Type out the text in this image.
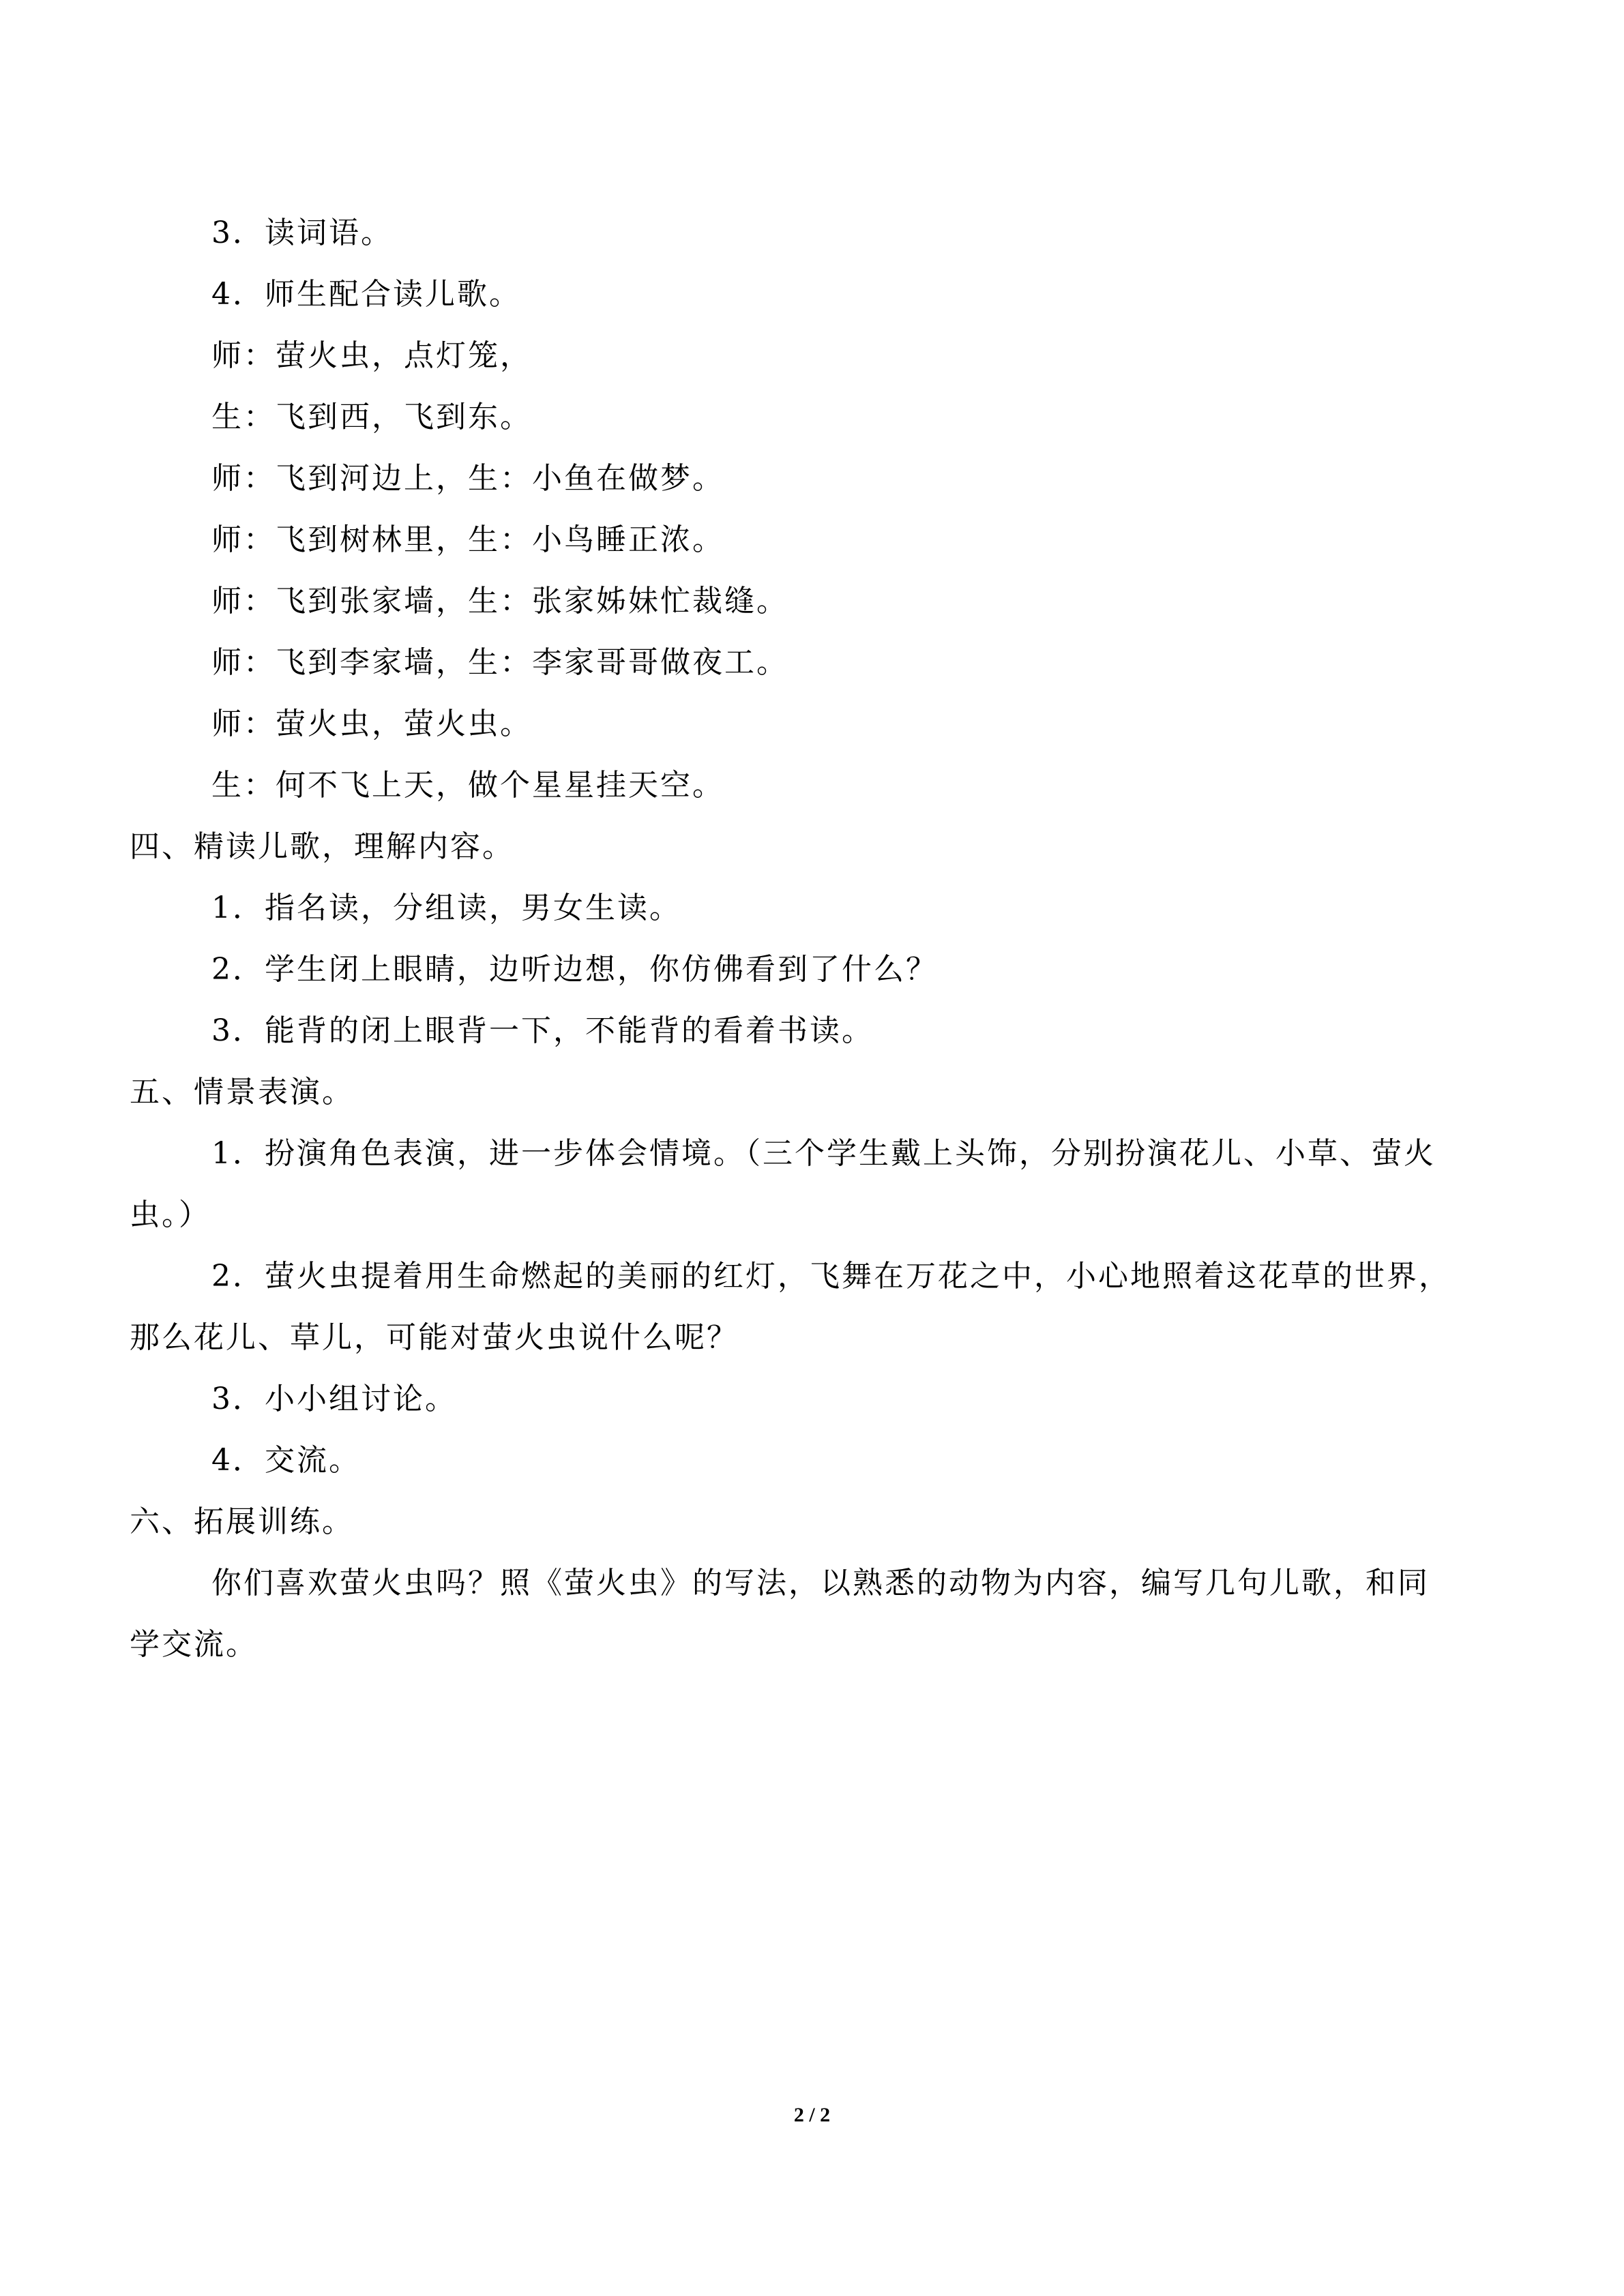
3．读词语。
4．师生配合读儿歌。
师：萤火虫，点灯笼，
生：飞到西，飞到东。
师：飞到河边上，生：小鱼在做梦。
师：飞到树林里，生：小鸟睡正浓。
师：飞到张家墙，生：张家姊妹忙裁缝。
师：飞到李家墙，生：李家哥哥做夜工。
师：萤火虫，萤火虫。
生：何不飞上天，做个星星挂天空。
四、精读儿歌，理解内容。
1．指名读，分组读，男女生读。
2．学生闭上眼睛，边听边想，你仿佛看到了什么？
3．能背的闭上眼背一下，不能背的看着书读。
五、情景表演。
1．扮演角色表演，进一步体会情境。（三个学生戴上头饰，分别扮演花儿、小草、萤火
虫。）
2．萤火虫提着用生命燃起的美丽的红灯，飞舞在万花之中，小心地照着这花草的世界，
那么花儿、草儿，可能对萤火虫说什么呢？
3．小小组讨论。
4．交流。
六、拓展训练。
你们喜欢萤火虫吗？照《萤火虫》的写法，以熟悉的动物为内容，编写几句儿歌，和同
学交流。
2 / 2
